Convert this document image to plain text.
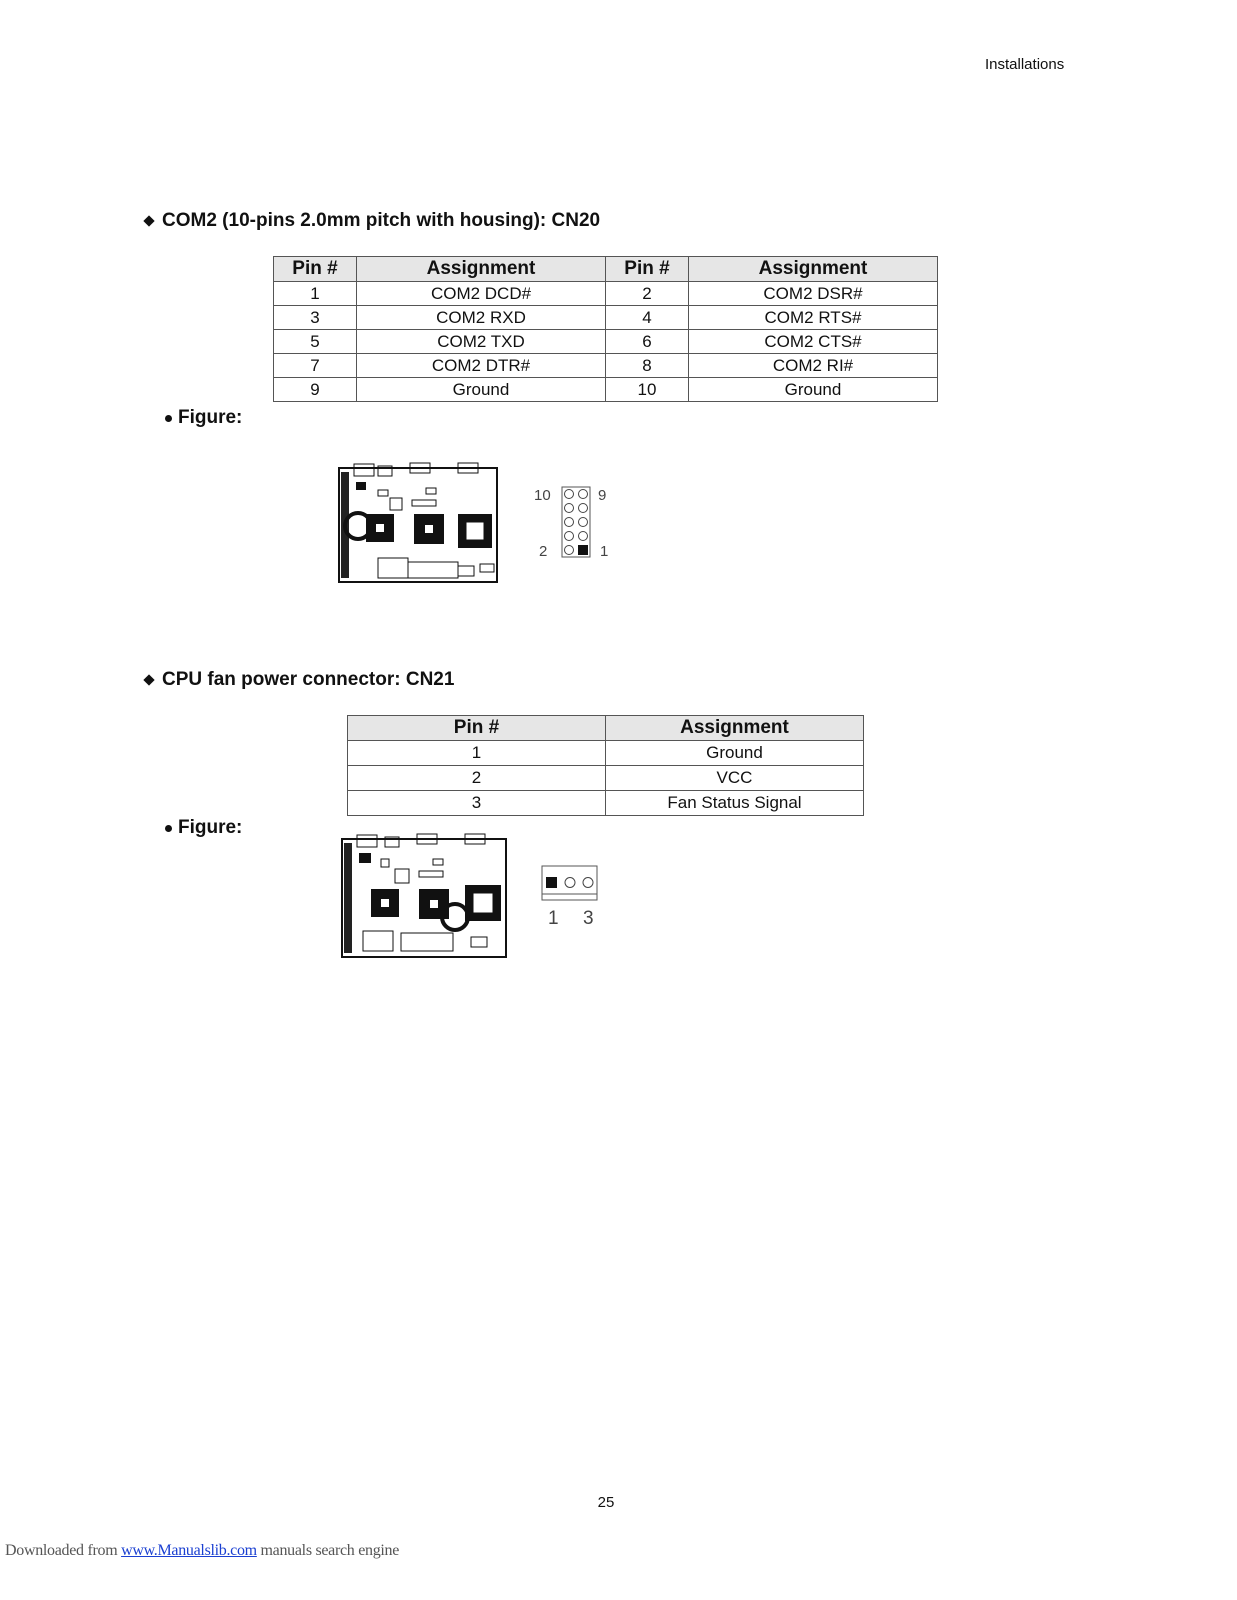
Installations
COM2 (10-pins 2.0mm pitch with housing): CN20
Pin #	Assignment	Pin #	Assignment
1	COM2 DCD#	2	COM2 DSR#
3	COM2 RXD	4	COM2 RTS#
5	COM2 TXD	6	COM2 CTS#
7	COM2 DTR#	8	COM2 RI#
9	Ground	10	Ground
Figure:
10	9
2	1
CPU fan power connector: CN21
Pin #	Assignment
1	Ground
2	VCC
3	Fan Status Signal
Figure:
1 3
25
Downloaded from www.Manualslib.com manuals search engine
